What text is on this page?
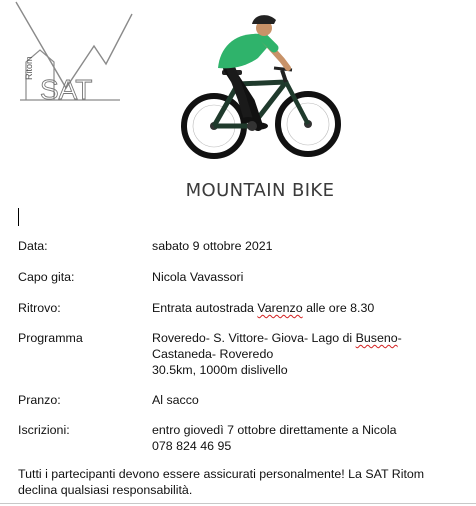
Ritom
SAT
MOUNTAIN BIKE
Data:	sabato 9 ottobre 2021
Capo gita:	Nicola Vavassori
Ritrovo:	Entrata autostrada Varenzo alle ore 8.30
Programma	Roveredo- S. Vittore- Giova- Lago di Buseno-
Castaneda- Roveredo
30.5km, 1000m dislivello
Pranzo:	Al sacco
Iscrizioni:	entro giovedì 7 ottobre direttamente a Nicola
078 824 46 95
Tutti i partecipanti devono essere assicurati personalmente! La SAT Ritom
declina qualsiasi responsabilità.
